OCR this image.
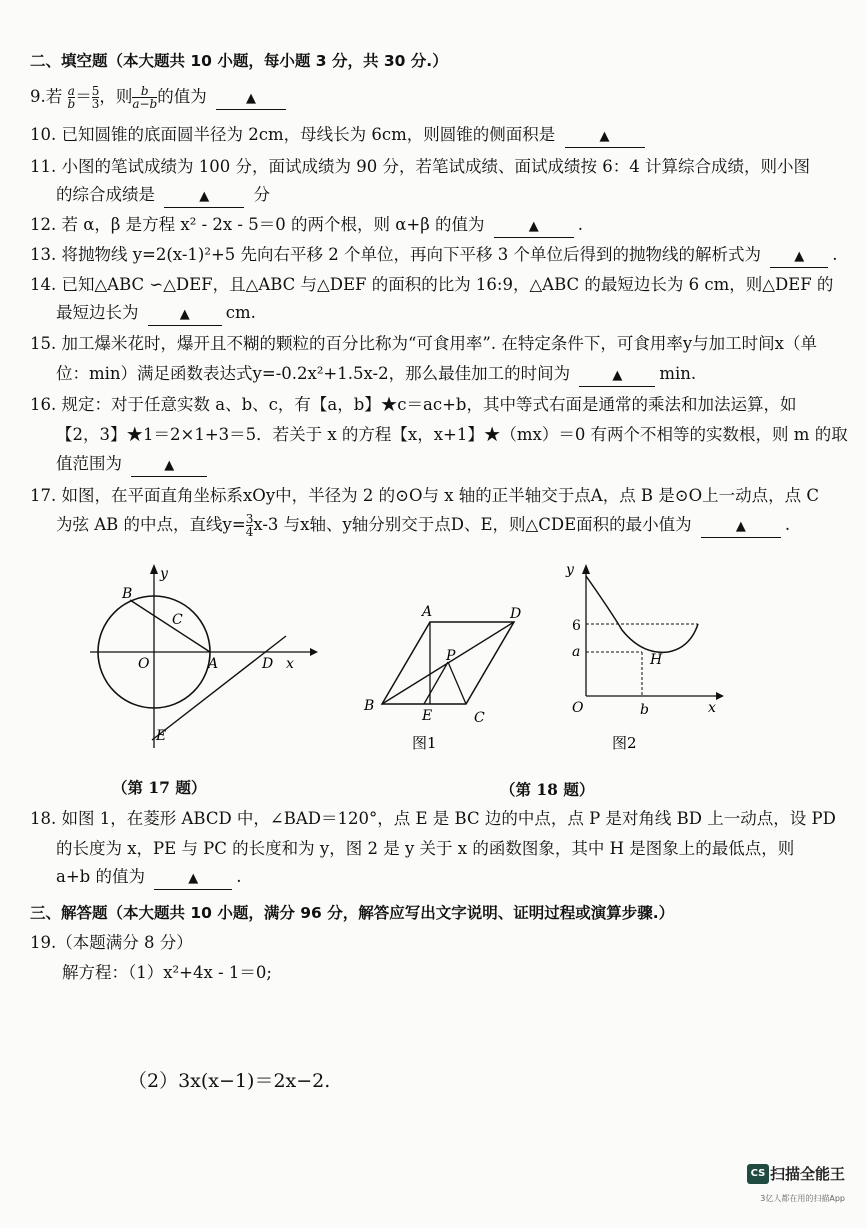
二、填空题（本大题共 10 小题，每小题 3 分，共 30 分.）
9.若 $\frac{a}{b} = \frac{5}{3}$ ，则 $\frac{b}{a-b}$ 的值为	▲
10. 已知圆锥的底面圆半径为 2cm，母线长为 6cm，则圆锥的侧面积是	▲
11. 小图的笔试成绩为 100 分，面试成绩为 90 分，若笔试成绩、面试成绩按 6：4 计算综合成绩，则小图
的综合成绩是	▲	分
12. 若 α，β 是方程 x² - 2x - 5＝0 的两个根，则 α+β 的值为	▲ .
13. 将抛物线 y=2(x-1)²+5 先向右平移 2 个单位，再向下平移 3 个单位后得到的抛物线的解析式为	▲ .
14. 已知△ABC ∽△DEF，且△ABC 与△DEF 的面积的比为 16:9，△ABC 的最短边长为 6 cm，则△DEF 的
最短边长为	▲ cm.
15. 加工爆米花时，爆开且不糊的颗粒的百分比称为“可食用率”. 在特定条件下，可食用率y与加工时间x（单
位：min）满足函数表达式y=-0.2x²+1.5x-2，那么最佳加工的时间为	▲ min.
16. 规定：对于任意实数 a、b、c，有【a，b】★c＝ac+b，其中等式右面是通常的乘法和加法运算，如
【2，3】★1＝2×1+3＝5．若关于 x 的方程【x，x+1】★（mx）＝0 有两个不相等的实数根，则 m 的取
值范围为	▲
17. 如图，在平面直角坐标系xOy中，半径为 2 的⊙O与 x 轴的正半轴交于点A，点 B 是⊙O上一动点，点 C
为弦 AB 的中点，直线$y= \frac{3}{4} x-3$ 与x轴、y轴分别交于点D、E，则△CDE面积的最小值为	▲ .
B
C
O	A	D x
y
E
A	D
P
B
E	C
图1
y
6
a	H
O	b	x
图2
（第 17 题）	（第 18 题）
18. 如图 1，在菱形 ABCD 中，∠BAD＝120°，点 E 是 BC 边的中点，点 P 是对角线 BD 上一动点，设 PD
的长度为 x，PE 与 PC 的长度和为 y，图 2 是 y 关于 x 的函数图象，其中 H 是图象上的最低点，则
a+b 的值为	▲ .
三、解答题（本大题共 10 小题，满分 96 分，解答应写出文字说明、证明过程或演算步骤.）
19.（本题满分 8 分）
解方程：（1）x²+4x - 1＝0;
（2）3x(x−1)＝2x−2.
CS 扫描全能王
3亿人都在用的扫描App
